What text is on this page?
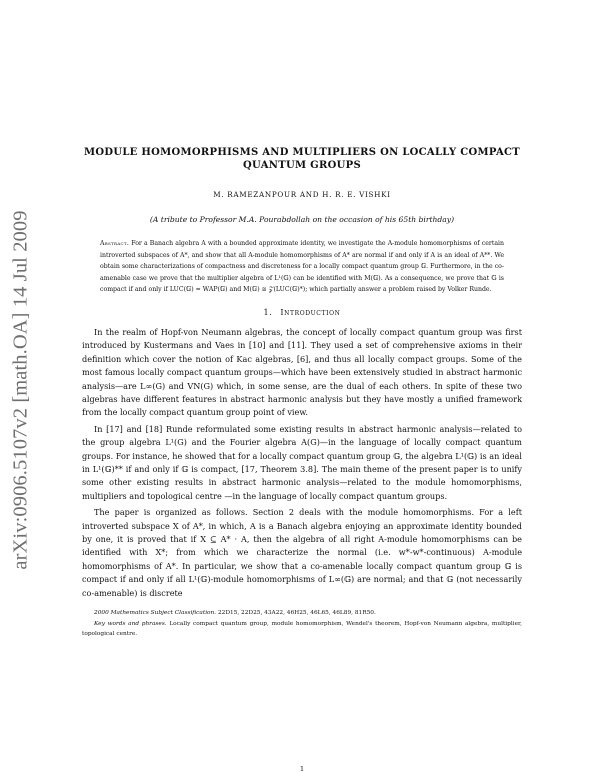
arXiv:0906.5107v2 [math.OA] 14 Jul 2009
MODULE HOMOMORPHISMS AND MULTIPLIERS ON LOCALLY COMPACT
QUANTUM GROUPS
M. RAMEZANPOUR AND H. R. E. VISHKI
(A tribute to Professor M.A. Pourabdollah on the occasion of his 65th birthday)
Abstract. For a Banach algebra A with a bounded approximate identity, we investigate the A-module homomorphisms of certain introverted subspaces of A*, and show that all A-module homomorphisms of A* are normal if and only if A is an ideal of A**. We obtain some characterizations of compactness and discreteness for a locally compact quantum group 𝔾. Furthermore, in the co-amenable case we prove that the multiplier algebra of L¹(𝔾) can be identified with M(𝔾). As a consequence, we prove that 𝔾 is compact if and only if LUC(𝔾) = WAP(𝔾) and M(𝔾) ≅ 𝒵(LUC(𝔾)*); which partially answer a problem raised by Volker Runde.
1. Introduction

In the realm of Hopf-von Neumann algebras, the concept of locally compact quantum group was first introduced by Kustermans and Vaes in [10] and [11]. They used a set of comprehensive axioms in their definition which cover the notion of Kac algebras, [6], and thus all locally compact groups. Some of the most famous locally compact quantum groups—which have been extensively studied in abstract harmonic analysis—are L∞(G) and VN(G) which, in some sense, are the dual of each others. In spite of these two algebras have different features in abstract harmonic analysis but they have mostly a unified framework from the locally compact quantum group point of view.

In [17] and [18] Runde reformulated some existing results in abstract harmonic analysis—related to the group algebra L¹(G) and the Fourier algebra A(G)—in the language of locally compact quantum groups. For instance, he showed that for a locally compact quantum group 𝔾, the algebra L¹(𝔾) is an ideal in L¹(𝔾)** if and only if 𝔾 is compact, [17, Theorem 3.8]. The main theme of the present paper is to unify some other existing results in abstract harmonic analysis—related to the module homomorphisms, multipliers and topological centre —in the language of locally compact quantum groups.

The paper is organized as follows. Section 2 deals with the module homomorphisms. For a left introverted subspace X of A*, in which, A is a Banach algebra enjoying an approximate identity bounded by one, it is proved that if X ⊆ A* · A, then the algebra of all right A-module homomorphisms can be identified with X*; from which we characterize the normal (i.e. w*-w*-continuous) A-module homomorphisms of A*. In particular, we show that a co-amenable locally compact quantum group 𝔾 is compact if and only if all L¹(𝔾)-module homomorphisms of L∞(𝔾) are normal; and that 𝔾 (not necessarily co-amenable) is discrete

2000 Mathematics Subject Classification. 22D15, 22D25, 43A22, 46H25, 46L65, 46L89, 81R50.

Key words and phrases. Locally compact quantum group, module homomorphism, Wendel's theorem, Hopf-von Neumann algebra, multiplier, topological centre.

1
